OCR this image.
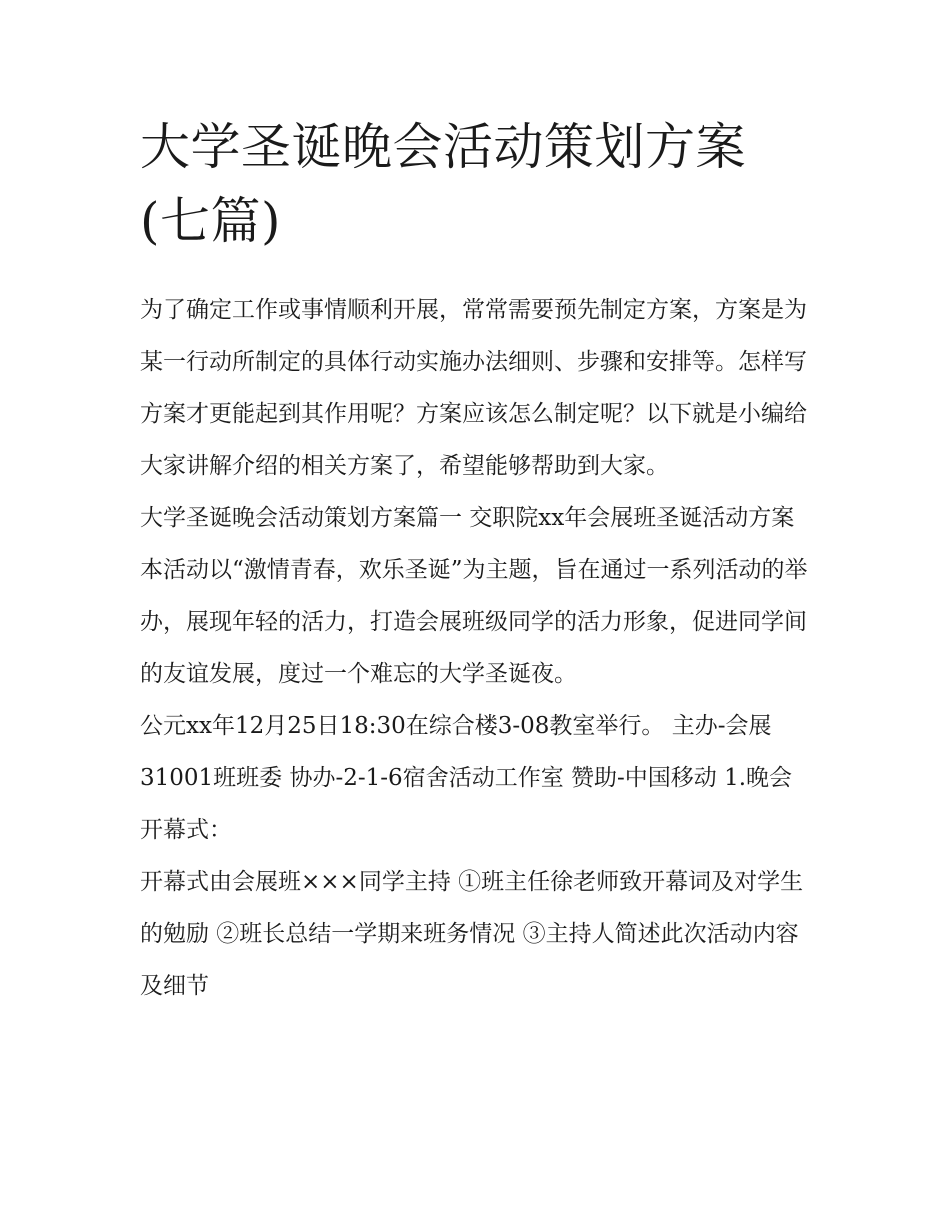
大学圣诞晚会活动策划方案(七篇)

为了确定工作或事情顺利开展，常常需要预先制定方案，方案是为某一行动所制定的具体行动实施办法细则、步骤和安排等。怎样写方案才更能起到其作用呢？方案应该怎么制定呢？以下就是小编给大家讲解介绍的相关方案了，希望能够帮助到大家。

大学圣诞晚会活动策划方案篇一 交职院xx年会展班圣诞活动方案

本活动以“激情青春，欢乐圣诞”为主题，旨在通过一系列活动的举办，展现年轻的活力，打造会展班级同学的活力形象，促进同学间的友谊发展，度过一个难忘的大学圣诞夜。

公元xx年12月25日18:30在综合楼3-08教室举行。 主办-会展31001班班委 协办-2-1-6宿舍活动工作室 赞助-中国移动 1.晚会开幕式：

开幕式由会展班×××同学主持 ①班主任徐老师致开幕词及对学生的勉励 ②班长总结一学期来班务情况 ③主持人简述此次活动内容及细节
